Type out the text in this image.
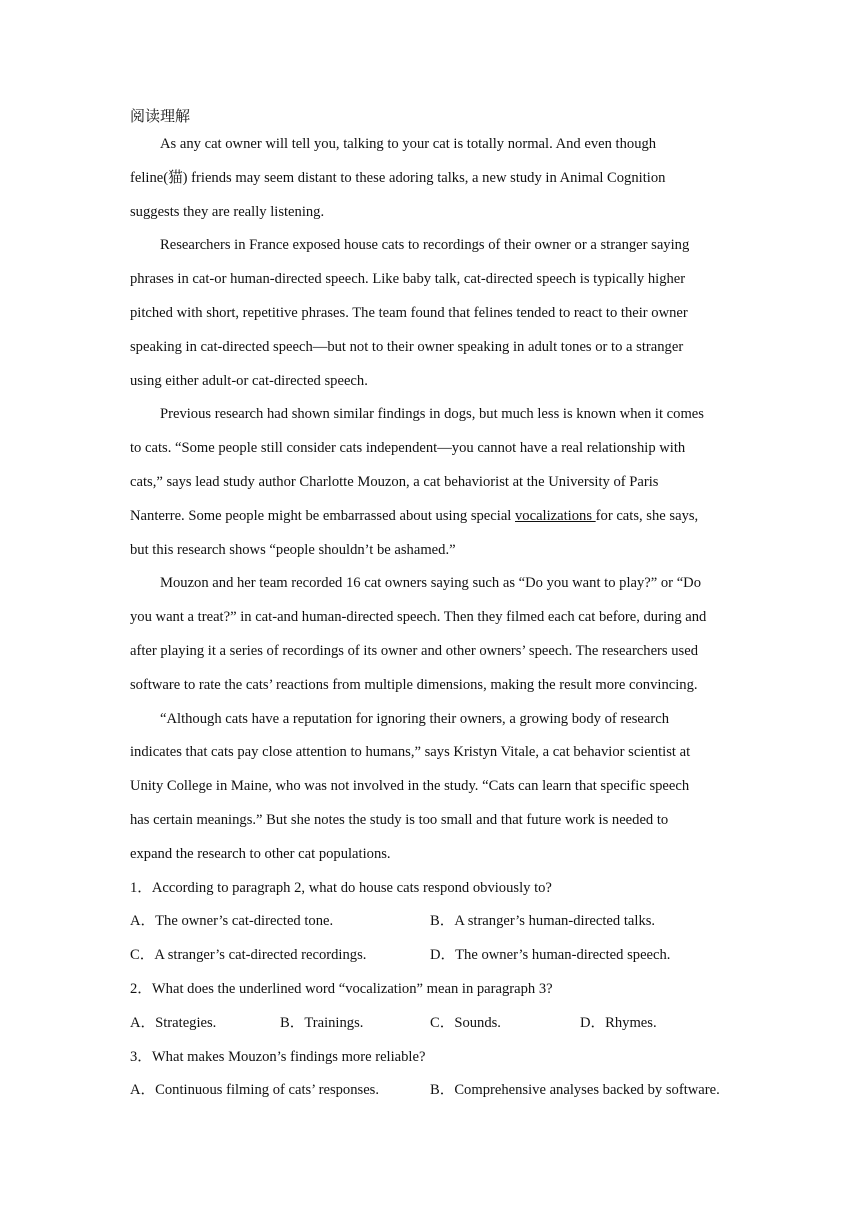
阅读理解
As any cat owner will tell you, talking to your cat is totally normal. And even though
feline(猫) friends may seem distant to these adoring talks, a new study in Animal Cognition
suggests they are really listening.
Researchers in France exposed house cats to recordings of their owner or a stranger saying
phrases in cat-or human-directed speech. Like baby talk, cat-directed speech is typically higher
pitched with short, repetitive phrases. The team found that felines tended to react to their owner
speaking in cat-directed speech—but not to their owner speaking in adult tones or to a stranger
using either adult-or cat-directed speech.
Previous research had shown similar findings in dogs, but much less is known when it comes
to cats. “Some people still consider cats independent—you cannot have a real relationship with
cats,” says lead study author Charlotte Mouzon, a cat behaviorist at the University of Paris
Nanterre. Some people might be embarrassed about using special vocalizations for cats, she says,
but this research shows “people shouldn’t be ashamed.”
Mouzon and her team recorded 16 cat owners saying such as “Do you want to play?” or “Do
you want a treat?” in cat-and human-directed speech. Then they filmed each cat before, during and
after playing it a series of recordings of its owner and other owners’ speech. The researchers used
software to rate the cats’ reactions from multiple dimensions, making the result more convincing.
“Although cats have a reputation for ignoring their owners, a growing body of research
indicates that cats pay close attention to humans,” says Kristyn Vitale, a cat behavior scientist at
Unity College in Maine, who was not involved in the study. “Cats can learn that specific speech
has certain meanings.” But she notes the study is too small and that future work is needed to
expand the research to other cat populations.
1．According to paragraph 2, what do house cats respond obviously to?
A．The owner’s cat-directed tone.	B．A stranger’s human-directed talks.
C．A stranger’s cat-directed recordings.	D．The owner’s human-directed speech.
2．What does the underlined word “vocalization” mean in paragraph 3?
A．Strategies.	B．Trainings.	C．Sounds.	D．Rhymes.
3．What makes Mouzon’s findings more reliable?
A．Continuous filming of cats’ responses.	B．Comprehensive analyses backed by software.
